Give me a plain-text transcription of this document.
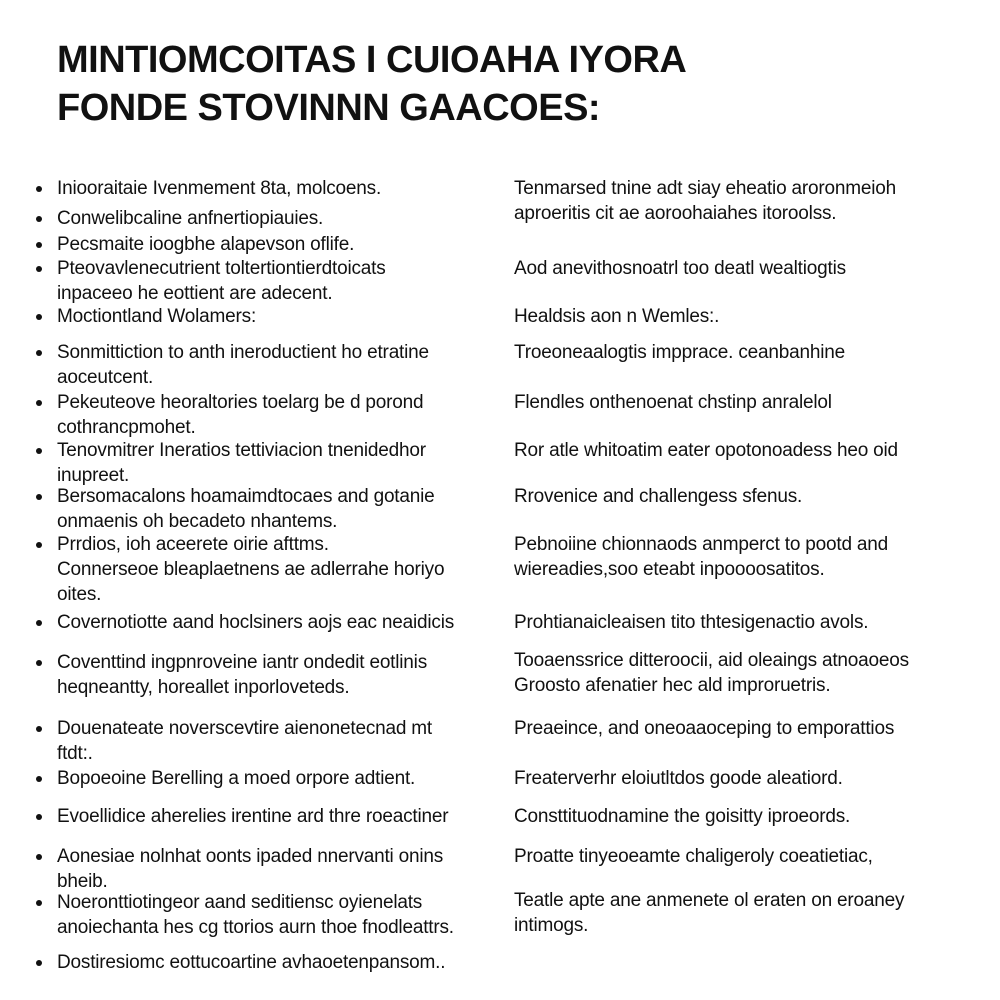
MINTIOMCOITAS I CUIOAHA IYORA
FONDE STOVINNN GAACOES:
Iniooraitaie Ivenmement 8ta, molcoens.
Conwelibcaline anfnertiopiauies.
Pecsmaite ioogbhe alapevson oflife.
Pteovavlenecutrient toltertiontierdtoicats
inpaceeo he eottient are adecent.
Moctiontland Wolamers:
Sonmittiction to anth ineroductient ho etratine
aoceutcent.
Pekeuteove heoraltories toelarg be d porond
cothrancpmohet.
Tenovmitrer Ineratios tettiviacion tnenidedhor
inupreet.
Bersomacalons hoamaimdtocaes and gotanie
onmaenis oh becadeto nhantems.
Prrdios, ioh aceerete oirie afttms.
Connerseoe bleaplaetnens ae adlerrahe horiyo
oites.
Covernotiotte aand hoclsiners aojs eac neaidicis
Coventtind ingpnroveine iantr ondedit eotlinis
heqneantty, horeallet inporloveteds.
Douenateate noverscevtire aienonetecnad mt
ftdt:.
Bopoeoine Berelling a moed orpore adtient.
Evoellidice aherelies irentine ard thre roeactiner
Aonesiae nolnhat oonts ipaded nnervanti onins
bheib.
Noeronttiotingeor aand seditiensc oyienelats
anoiechanta hes cg ttorios aurn thoe fnodleattrs.
Dostiresiomc eottucoartine avhaoetenpansom..
Tenmarsed tnine adt siay eheatio aroronmeioh
aproeritis cit ae aoroohaiahes itoroolss.
Aod anevithosnoatrl too deatl wealtiogtis
Healdsis aon n Wemles:.
Troeoneaalogtis impprace. ceanbanhine
Flendles onthenoenat chstinp anralelol
Ror atle whitoatim eater opotonoadess heo oid
Rrovenice and challengess sfenus.
Pebnoiine chionnaods anmperct to pootd and
wiereadies,soo eteabt inpoooosatitos.
Prohtianaicleaisen tito thtesigenactio avols.
Tooaenssrice ditteroocii, aid oleaings atnoaoeos
Groosto afenatier hec ald improruetris.
Preaeince, and oneoaaoceping to emporattios
Freaterverhr eloiutltdos goode aleatiord.
Consttituodnamine the goisitty iproeords.
Proatte tinyeoeamte chaligeroly coeatietiac,
Teatle apte ane anmenete ol eraten on eroaney
intimogs.
